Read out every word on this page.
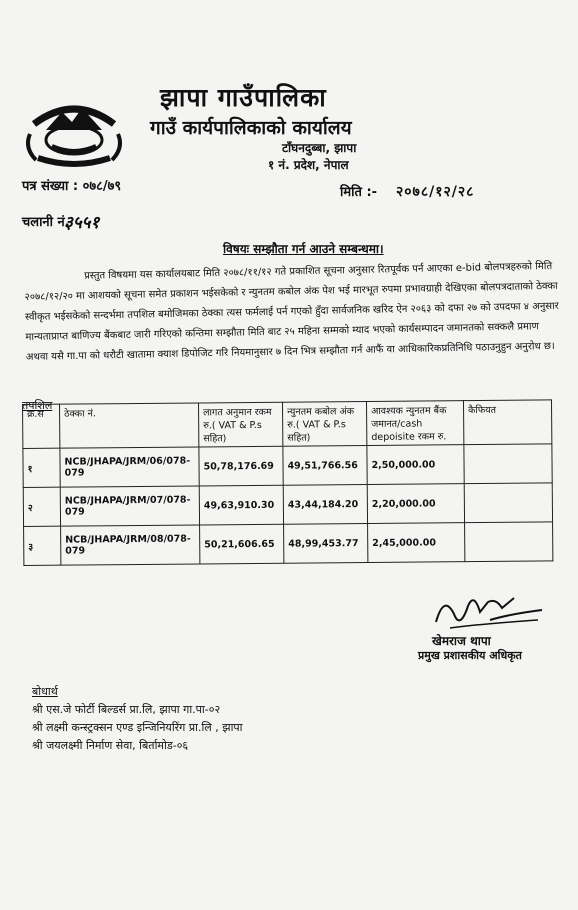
झापा गाउँपालिका
गाउँ कार्यपालिकाको कार्यालय
टाँघनदुब्बा, झापा
१ नं. प्रदेश, नेपाल
पत्र संख्या : ०७८/७९	मिति :- २०७८/१२/२८
चलानी नं.
३५५१
विषयः सम्झौता गर्न आउने सम्बन्धमा।

प्रस्तुत विषयमा यस कार्यालयबाट मिति २०७८/११/१२ गते प्रकाशित सूचना अनुसार रितपूर्वक पर्न आएका e-bid बोलपत्रहरुको मिति २०७८/१२/२० मा आशयको सूचना समेत प्रकाशन भईसकेको र न्युनतम कबोल अंक पेश भई मारभूत रुपमा प्रभावग्राही देखिएका बोलपत्रदाताको ठेक्का स्वीकृत भईसकेको सन्दर्भमा तपशिल बमोजिमका ठेक्का त्यस फर्मलाई पर्न गएको हुँदा सार्वजनिक खरिद ऐन २०६३ को दफा २७ को उपदफा ४ अनुसार मान्यताप्राप्त बाणिज्य बैंकबाट जारी गरिएको कन्तिमा सम्झौता मिति बाट २५ महिना सम्मको म्याद भएको कार्यसम्पादन जमानतको सक्कलै प्रमाण अथवा यसै गा.पा को धरौटी खातामा क्याश डिपोजिट गरि नियमानुसार ७ दिन भित्र सम्झौता गर्न आफैं वा आधिकारिकप्रतिनिधि पठाउनुहुन अनुरोध छ।

तपशिल
क्र.स	ठेक्का नं.	लागत अनुमान रकम रु.( VAT & P.s सहित)	न्युनतम कबोल अंक रु.( VAT & P.s सहित)	आवश्यक न्युनतम बैंक जमानत/cash depoisite रकम रु.	कैफियत
१	NCB/JHAPA/JRM/06/078-079	50,78,176.69	49,51,766.56	2,50,000.00	
२	NCB/JHAPA/JRM/07/078-079	49,63,910.30	43,44,184.20	2,20,000.00	
३	NCB/JHAPA/JRM/08/078-079	50,21,606.65	48,99,453.77	2,45,000.00	
खेमराज थापा
प्रमुख प्रशासकीय अधिकृत
बोधार्थ
श्री एस.जे फोर्टी बिल्डर्स प्रा.लि, झापा गा.पा-०२
श्री लक्ष्मी कन्स्ट्रक्सन एण्ड इन्जिनियरिंग प्रा.लि , झापा
श्री जयलक्ष्मी निर्माण सेवा, बिर्तामोड-०६
